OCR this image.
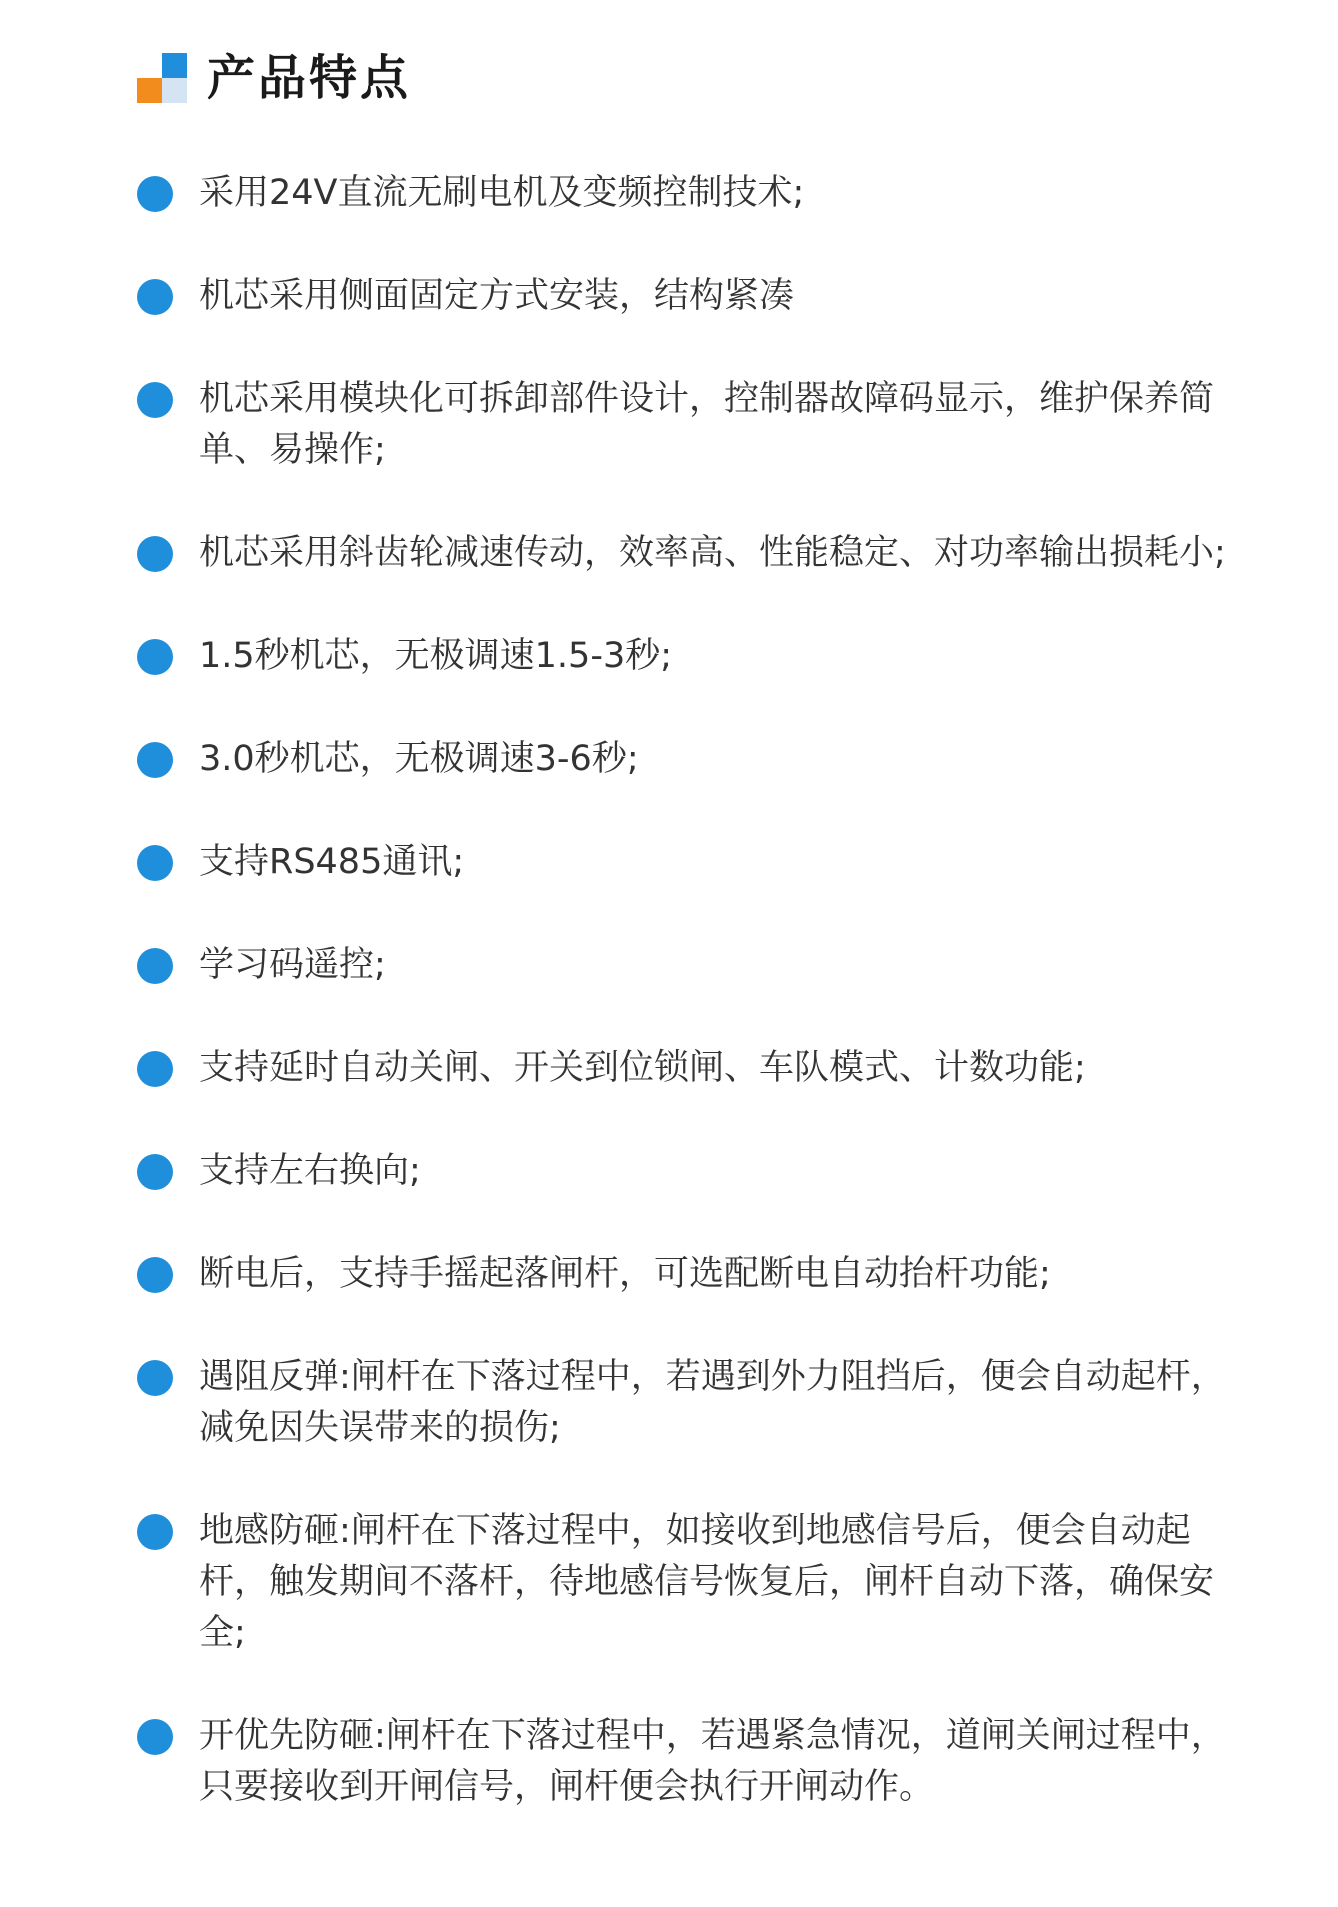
产品特点
采用24V直流无刷电机及变频控制技术;
机芯采用侧面固定方式安装，结构紧凑
机芯采用模块化可拆卸部件设计，控制器故障码显示，维护保养简单、易操作;
机芯采用斜齿轮减速传动，效率高、性能稳定、对功率输出损耗小;
1.5秒机芯，无极调速1.5-3秒;
3.0秒机芯，无极调速3-6秒;
支持RS485通讯;
学习码遥控;
支持延时自动关闸、开关到位锁闸、车队模式、计数功能;
支持左右换向;
断电后，支持手摇起落闸杆，可选配断电自动抬杆功能;
遇阻反弹:闸杆在下落过程中，若遇到外力阻挡后，便会自动起杆，减免因失误带来的损伤;
地感防砸:闸杆在下落过程中，如接收到地感信号后，便会自动起杆，触发期间不落杆，待地感信号恢复后，闸杆自动下落，确保安全;
开优先防砸:闸杆在下落过程中，若遇紧急情况，道闸关闸过程中，只要接收到开闸信号，闸杆便会执行开闸动作。
